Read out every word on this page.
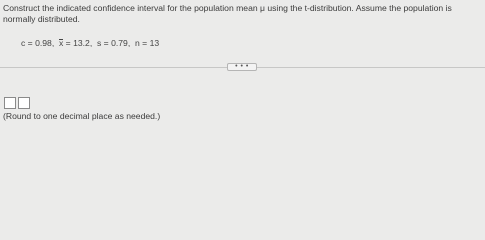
Construct the indicated confidence interval for the population mean μ using the t-distribution. Assume the population is normally distributed.
c = 0.98, x = 13.2, s = 0.79, n = 13
• • •
(Round to one decimal place as needed.)
